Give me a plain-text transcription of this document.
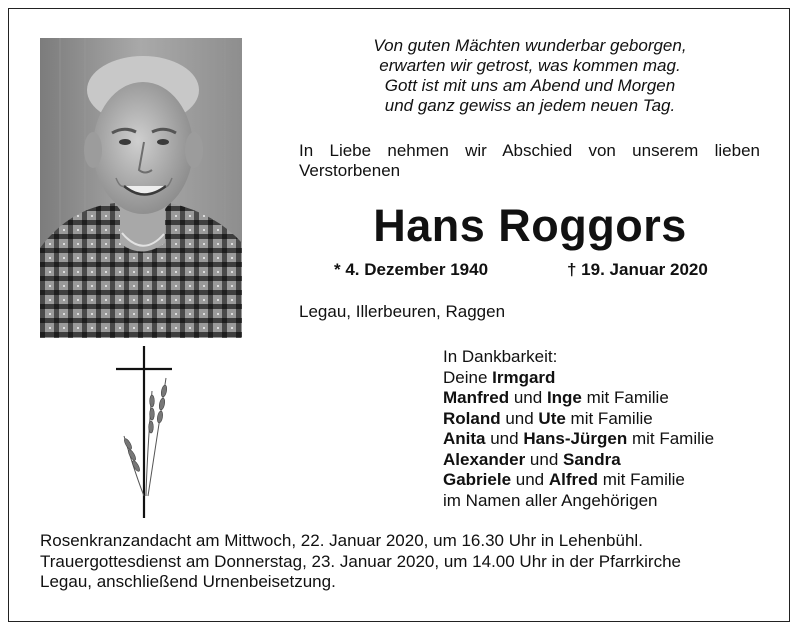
Von guten Mächten wunderbar geborgen,
erwarten wir getrost, was kommen mag.
Gott ist mit uns am Abend und Morgen
und ganz gewiss an jedem neuen Tag.
In Liebe nehmen wir Abschied von unserem lieben
Verstorbenen
Hans Roggors
* 4. Dezember 1940	† 19. Januar 2020
Legau, Illerbeuren, Raggen
In Dankbarkeit:
Deine Irmgard
Manfred und Inge mit Familie
Roland und Ute mit Familie
Anita und Hans-Jürgen mit Familie
Alexander und Sandra
Gabriele und Alfred mit Familie
im Namen aller Angehörigen
Rosenkranzandacht am Mittwoch, 22. Januar 2020, um 16.30 Uhr in Lehenbühl.
Trauergottesdienst am Donnerstag, 23. Januar 2020, um 14.00 Uhr in der Pfarrkirche
Legau, anschließend Urnenbeisetzung.
